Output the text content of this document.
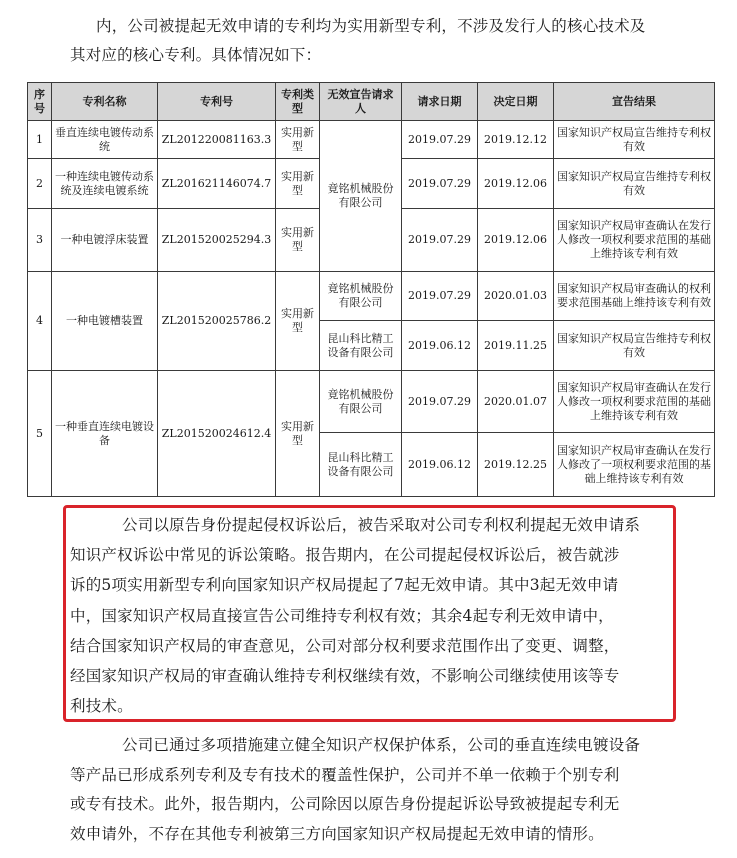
内，公司被提起无效申请的专利均为实用新型专利，不涉及发行人的核心技术及
其对应的核心专利。具体情况如下：
序号	专利名称	专利号	专利类型	无效宣告请求人	请求日期	决定日期	宣告结果
1	垂直连续电镀传动系统	ZL201220081163.3	实用新型	竟铭机械股份有限公司	2019.07.29	2019.12.12	国家知识产权局宣告维持专利权有效
2	一种连续电镀传动系统及连续电镀系统	ZL201621146074.7	实用新型		2019.07.29	2019.12.06	国家知识产权局宣告维持专利权有效
3	一种电镀浮床装置	ZL201520025294.3	实用新型		2019.07.29	2019.12.06	国家知识产权局审查确认在发行人修改一项权利要求范围的基础上维持该专利有效
4	一种电镀槽装置	ZL201520025786.2	实用新型	竟铭机械股份有限公司	2019.07.29	2020.01.03	国家知识产权局审查确认的权利要求范围基础上维持该专利有效
				昆山科比精工设备有限公司	2019.06.12	2019.11.25	国家知识产权局宣告维持专利权有效
5	一种垂直连续电镀设备	ZL201520024612.4	实用新型	竟铭机械股份有限公司	2019.07.29	2020.01.07	国家知识产权局审查确认在发行人修改一项权利要求范围的基础上维持该专利有效
				昆山科比精工设备有限公司	2019.06.12	2019.12.25	国家知识产权局审查确认在发行人修改了一项权利要求范围的基础上维持该专利有效
公司以原告身份提起侵权诉讼后，被告采取对公司专利权利提起无效申请系
知识产权诉讼中常见的诉讼策略。报告期内，在公司提起侵权诉讼后，被告就涉
诉的5项实用新型专利向国家知识产权局提起了7起无效申请。其中3起无效申请
中，国家知识产权局直接宣告公司维持专利权有效；其余4起专利无效申请中，
结合国家知识产权局的审查意见，公司对部分权利要求范围作出了变更、调整，
经国家知识产权局的审查确认维持专利权继续有效，不影响公司继续使用该等专
利技术。
公司已通过多项措施建立健全知识产权保护体系，公司的垂直连续电镀设备
等产品已形成系列专利及专有技术的覆盖性保护，公司并不单一依赖于个别专利
或专有技术。此外，报告期内，公司除因以原告身份提起诉讼导致被提起专利无
效申请外，不存在其他专利被第三方向国家知识产权局提起无效申请的情形。
